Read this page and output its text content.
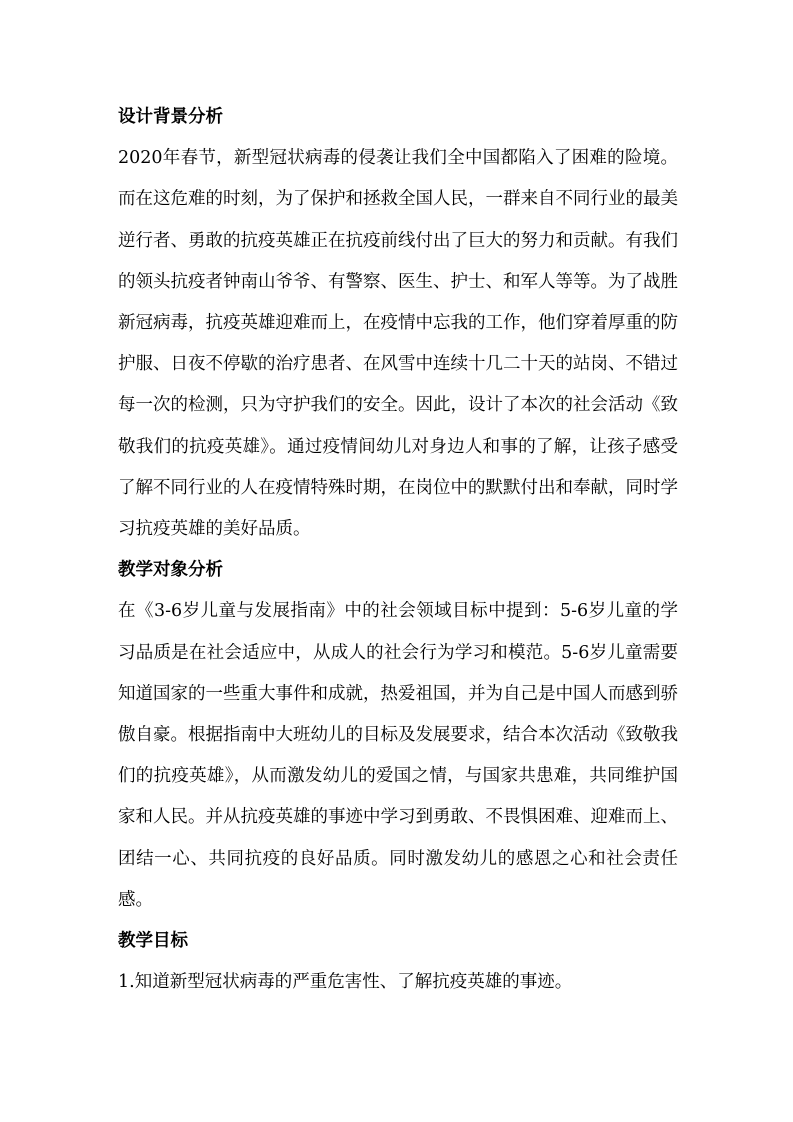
设计背景分析

2020年春节，新型冠状病毒的侵袭让我们全中国都陷入了困难的险境。而在这危难的时刻，为了保护和拯救全国人民，一群来自不同行业的最美逆行者、勇敢的抗疫英雄正在抗疫前线付出了巨大的努力和贡献。有我们的领头抗疫者钟南山爷爷、有警察、医生、护士、和军人等等。为了战胜新冠病毒，抗疫英雄迎难而上，在疫情中忘我的工作，他们穿着厚重的防护服、日夜不停歇的治疗患者、在风雪中连续十几二十天的站岗、不错过每一次的检测，只为守护我们的安全。因此，设计了本次的社会活动《致敬我们的抗疫英雄》。通过疫情间幼儿对身边人和事的了解，让孩子感受了解不同行业的人在疫情特殊时期，在岗位中的默默付出和奉献，同时学习抗疫英雄的美好品质。

教学对象分析

在《3-6岁儿童与发展指南》中的社会领域目标中提到：5-6岁儿童的学习品质是在社会适应中，从成人的社会行为学习和模范。5-6岁儿童需要知道国家的一些重大事件和成就，热爱祖国，并为自己是中国人而感到骄傲自豪。根据指南中大班幼儿的目标及发展要求，结合本次活动《致敬我们的抗疫英雄》，从而激发幼儿的爱国之情，与国家共患难，共同维护国家和人民。并从抗疫英雄的事迹中学习到勇敢、不畏惧困难、迎难而上、团结一心、共同抗疫的良好品质。同时激发幼儿的感恩之心和社会责任感。

教学目标

1.知道新型冠状病毒的严重危害性、了解抗疫英雄的事迹。
